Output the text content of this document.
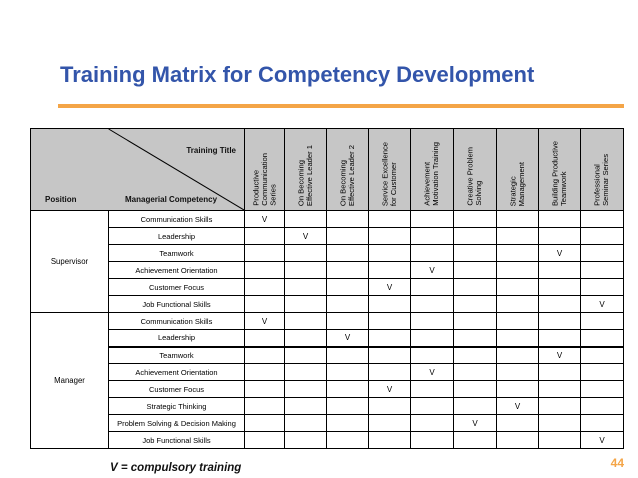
Training Matrix for Competency Development
Training Title
Position Managerial Competency		Productive
Communication
Series	On Becoming
Effective Leader 1	On Becoming
Effective Leader 2	Service Excellence
for Customer	Achievement
Motivation Training	Creative Problem
Solving	Strategic
Management	Building Productive
Teamwork	Professional
Seminar Series

Supervisor	Communication Skills	V								
	Leadership		V							
	Teamwork								V	
	Achievement Orientation					V				
	Customer Focus				V					
	Job Functional Skills									V
Manager	Communication Skills	V								
	Leadership			V						
	Teamwork								V	
	Achievement Orientation					V				
	Customer Focus				V					
	Strategic Thinking							V		
	Problem Solving & Decision Making						V			
	Job Functional Skills									V
V = compulsory training	44
